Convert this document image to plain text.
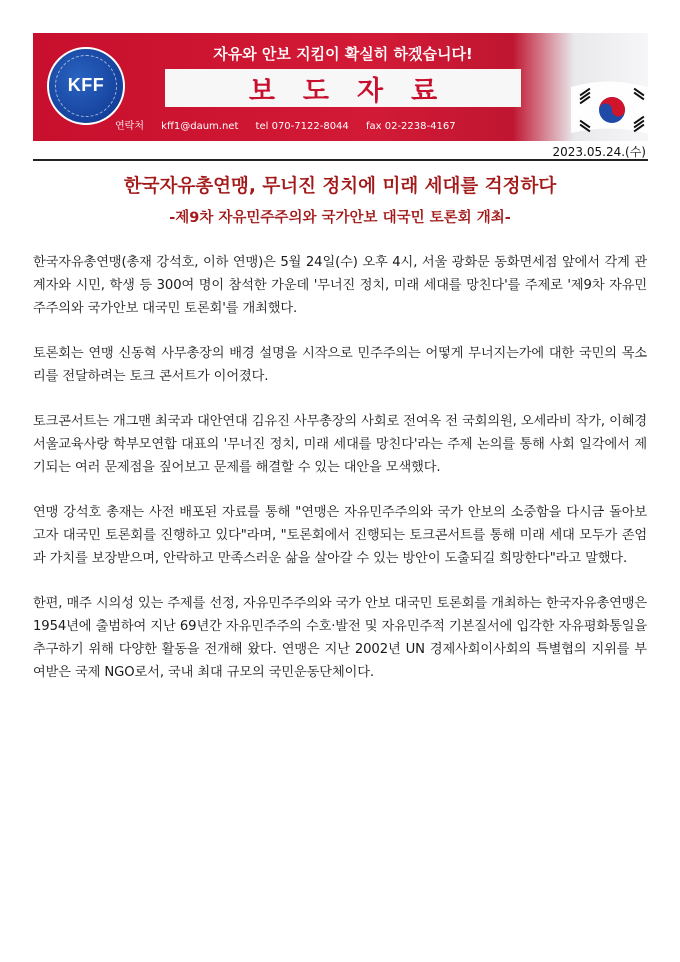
KFF
자유와 안보 지킴이 확실히 하겠습니다!
보도자료
연락처 kff1@daum.net tel 070-7122-8044 fax 02-2238-4167
2023.05.24.(수)
한국자유총연맹, 무너진 정치에 미래 세대를 걱정하다
-제9차 자유민주주의와 국가안보 대국민 토론회 개최-

한국자유총연맹(총재 강석호, 이하 연맹)은 5월 24일(수) 오후 4시, 서울 광화문 동화면세점 앞에서 각계 관계자와 시민, 학생 등 300여 명이 참석한 가운데 '무너진 정치, 미래 세대를 망친다'를 주제로 '제9차 자유민주주의와 국가안보 대국민 토론회'를 개최했다.

토론회는 연맹 신동혁 사무총장의 배경 설명을 시작으로 민주주의는 어떻게 무너지는가에 대한 국민의 목소리를 전달하려는 토크 콘서트가 이어졌다.

토크콘서트는 개그맨 최국과 대안연대 김유진 사무총장의 사회로 전여옥 전 국회의원, 오세라비 작가, 이혜경 서울교육사랑 학부모연합 대표의 '무너진 정치, 미래 세대를 망친다'라는 주제 논의를 통해 사회 일각에서 제기되는 여러 문제점을 짚어보고 문제를 해결할 수 있는 대안을 모색했다.

연맹 강석호 총재는 사전 배포된 자료를 통해 "연맹은 자유민주주의와 국가 안보의 소중함을 다시금 돌아보고자 대국민 토론회를 진행하고 있다"라며, "토론회에서 진행되는 토크콘서트를 통해 미래 세대 모두가 존엄과 가치를 보장받으며, 안락하고 만족스러운 삶을 살아갈 수 있는 방안이 도출되길 희망한다"라고 말했다.

한편, 매주 시의성 있는 주제를 선정, 자유민주주의와 국가 안보 대국민 토론회를 개최하는 한국자유총연맹은 1954년에 출범하여 지난 69년간 자유민주주의 수호·발전 및 자유민주적 기본질서에 입각한 자유평화통일을 추구하기 위해 다양한 활동을 전개해 왔다. 연맹은 지난 2002년 UN 경제사회이사회의 특별협의 지위를 부여받은 국제 NGO로서, 국내 최대 규모의 국민운동단체이다.
